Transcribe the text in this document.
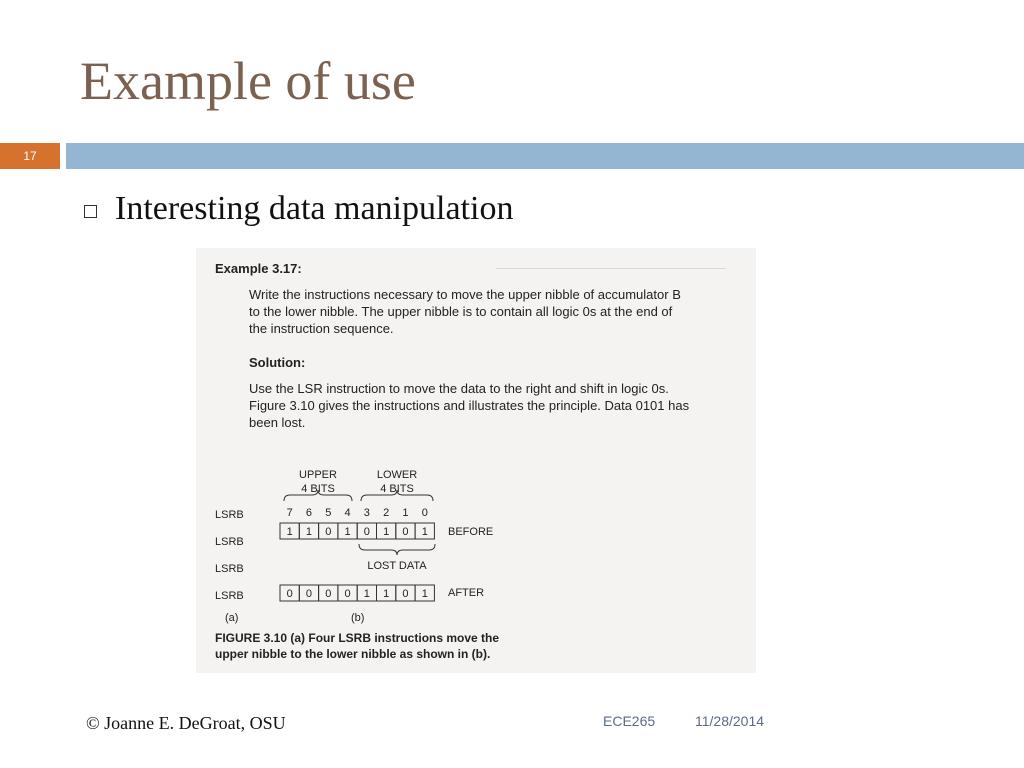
Example of use
17
Interesting data manipulation
Example 3.17:
Write the instructions necessary to move the upper nibble of accumulator B
to the lower nibble. The upper nibble is to contain all logic 0s at the end of
the instruction sequence.
Solution:
Use the LSR instruction to move the data to the right and shift in logic 0s.
Figure 3.10 gives the instructions and illustrates the principle. Data 0101 has
been lost.
UPPER
4 BITS
LOWER
4 BITS
7 6 5 4 3 2 1 0
LSRB
LSRB
LSRB
LSRB
1 1 0 1 0 1 0 1 BEFORE
LOST DATA
0 0 0 0 1 1 0 1 AFTER
(a)	(b)
FIGURE 3.10 (a) Four LSRB instructions move the
upper nibble to the lower nibble as shown in (b).
© Joanne E. DeGroat, OSU	ECE265	11/28/2014
